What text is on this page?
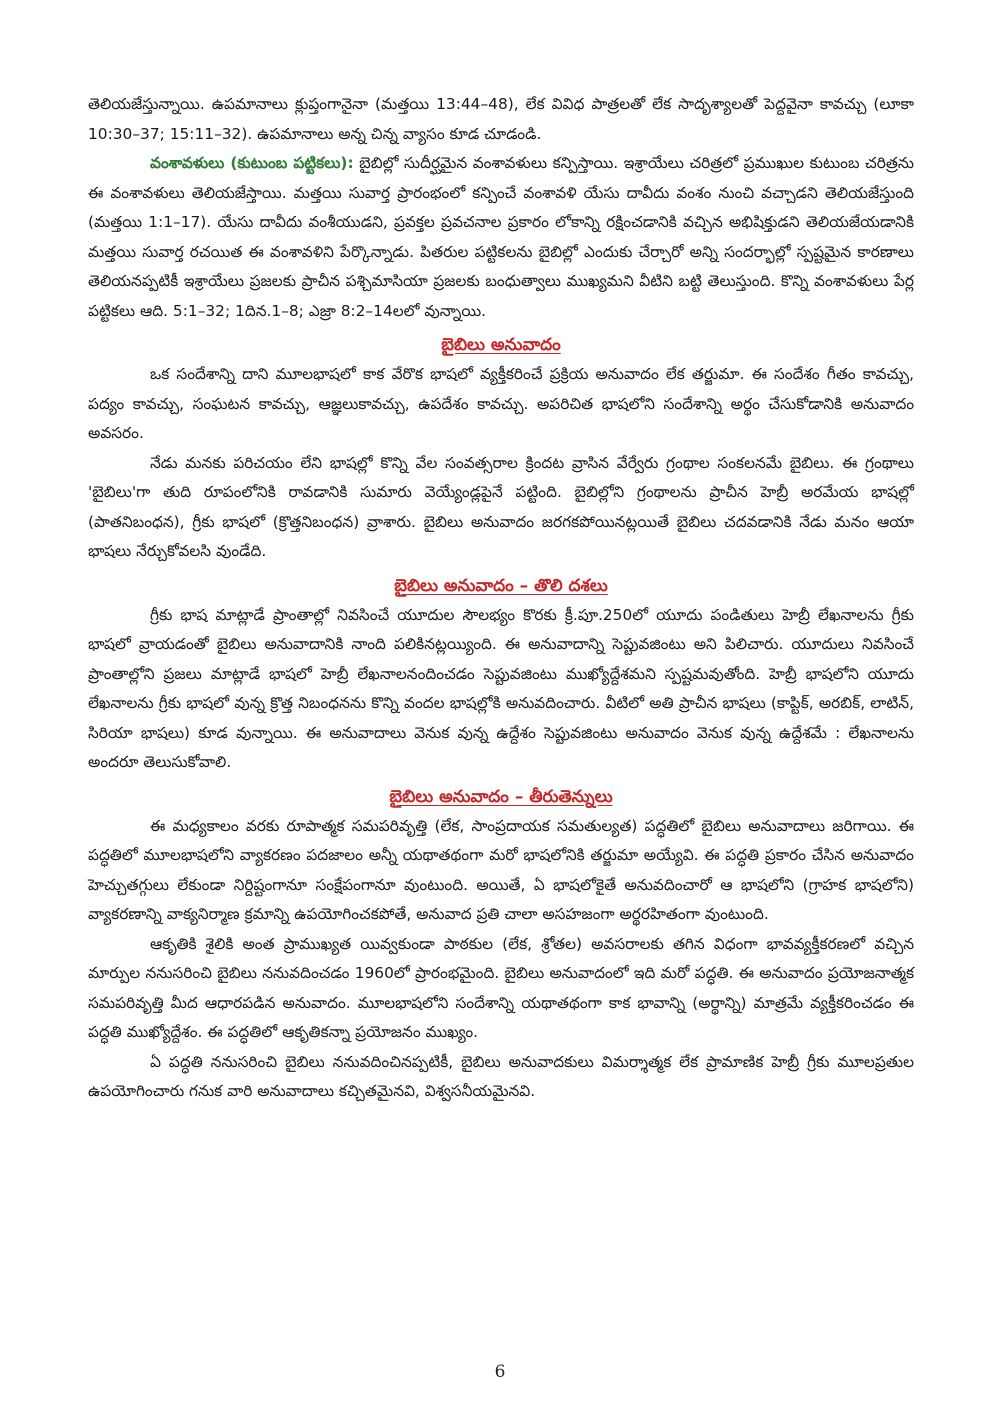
తెలియజేస్తున్నాయి. ఉపమానాలు క్లుప్తంగానైనా (మత్తయి 13:44–48), లేక వివిధ పాత్రలతో లేక సాదృశ్యాలతో పెద్దవైనా కావచ్చు (లూకా 10:30–37; 15:11–32). ఉపమానాలు అన్న చిన్న వ్యాసం కూడ చూడండి.

వంశావళులు (కుటుంబ పట్టికలు): బైబిల్లో సుదీర్ఘమైన వంశావళులు కన్పిస్తాయి. ఇశ్రాయేలు చరిత్రలో ప్రముఖుల కుటుంబ చరిత్రను ఈ వంశావళులు తెలియజేస్తాయి. మత్తయి సువార్త ప్రారంభంలో కన్పించే వంశావళి యేసు దావీదు వంశం నుంచి వచ్చాడని తెలియజేస్తుంది (మత్తయి 1:1–17). యేసు దావీదు వంశీయుడని, ప్రవక్తల ప్రవచనాల ప్రకారం లోకాన్ని రక్షించడానికి వచ్చిన అభిషిక్తుడని తెలియజేయడానికి మత్తయి సువార్త రచయిత ఈ వంశావళిని పేర్కొన్నాడు. పితరుల పట్టికలను బైబిల్లో ఎందుకు చేర్చారో అన్ని సందర్భాల్లో స్పష్టమైన కారణాలు తెలియనప్పటికీ ఇశ్రాయేలు ప్రజలకు ప్రాచీన పశ్చిమాసియా ప్రజలకు బంధుత్వాలు ముఖ్యమని వీటిని బట్టి తెలుస్తుంది. కొన్ని వంశావళులు పేర్ల పట్టికలు ఆది. 5:1–32; 1దిన.1–8; ఎజ్రా 8:2–14లలో వున్నాయి.

బైబిలు అనువాదం

ఒక సందేశాన్ని దాని మూలభాషలో కాక వేరొక భాషలో వ్యక్తీకరించే ప్రక్రియ అనువాదం లేక తర్జుమా. ఈ సందేశం గీతం కావచ్చు, పద్యం కావచ్చు, సంఘటన కావచ్చు, ఆజ్ఞలుకావచ్చు, ఉపదేశం కావచ్చు. అపరిచిత భాషలోని సందేశాన్ని అర్థం చేసుకోడానికి అనువాదం అవసరం.

నేడు మనకు పరిచయం లేని భాషల్లో కొన్ని వేల సంవత్సరాల క్రిందట వ్రాసిన వేర్వేరు గ్రంథాల సంకలనమే బైబిలు. ఈ గ్రంథాలు 'బైబిలు'గా తుది రూపంలోనికి రావడానికి సుమారు వెయ్యేండ్లపైనే పట్టింది. బైబిల్లోని గ్రంథాలను ప్రాచీన హెబ్రీ అరమేయ భాషల్లో (పాతనిబంధన), గ్రీకు భాషలో (క్రొత్తనిబంధన) వ్రాశారు. బైబిలు అనువాదం జరగకపోయినట్లయితే బైబిలు చదవడానికి నేడు మనం ఆయా భాషలు నేర్చుకోవలసి వుండేది.

బైబిలు అనువాదం – తొలి దశలు

గ్రీకు భాష మాట్లాడే ప్రాంతాల్లో నివసించే యూదుల సౌలభ్యం కొరకు క్రీ.పూ.250లో యూదు పండితులు హెబ్రీ లేఖనాలను గ్రీకు భాషలో వ్రాయడంతో బైబిలు అనువాదానికి నాంది పలికినట్లయ్యింది. ఈ అనువాదాన్ని సెప్టువజింటు అని పిలిచారు. యూదులు నివసించే ప్రాంతాల్లోని ప్రజలు మాట్లాడే భాషలో హెబ్రీ లేఖనాలనందించడం సెప్టువజింటు ముఖ్యోద్దేశమని స్పష్టమవుతోంది. హెబ్రీ భాషలోని యూదు లేఖనాలను గ్రీకు భాషలో వున్న క్రొత్త నిబంధనను కొన్ని వందల భాషల్లోకి అనువదించారు. వీటిలో అతి ప్రాచీన భాషలు (కాప్టిక్, అరబిక్, లాటిన్, సిరియా భాషలు) కూడ వున్నాయి. ఈ అనువాదాలు వెనుక వున్న ఉద్దేశం సెప్టువజింటు అనువాదం వెనుక వున్న ఉద్దేశమే : లేఖనాలను అందరూ తెలుసుకోవాలి.

బైబిలు అనువాదం – తీరుతెన్నులు

ఈ మధ్యకాలం వరకు రూపాత్మక సమపరివృత్తి (లేక, సాంప్రదాయక సమతుల్యత) పద్ధతిలో బైబిలు అనువాదాలు జరిగాయి. ఈ పద్ధతిలో మూలభాషలోని వ్యాకరణం పదజాలం అన్నీ యథాతథంగా మరో భాషలోనికి తర్జుమా అయ్యేవి. ఈ పద్ధతి ప్రకారం చేసిన అనువాదం హెచ్చుతగ్గులు లేకుండా నిర్దిష్టంగానూ సంక్షేపంగానూ వుంటుంది. అయితే, ఏ భాషలోకైతే అనువదించారో ఆ భాషలోని (గ్రాహక భాషలోని) వ్యాకరణాన్ని వాక్యనిర్మాణ క్రమాన్ని ఉపయోగించకపోతే, అనువాద ప్రతి చాలా అసహజంగా అర్థరహితంగా వుంటుంది.

ఆకృతికి శైలికి అంత ప్రాముఖ్యత యివ్వకుండా పాఠకుల (లేక, శ్రోతల) అవసరాలకు తగిన విధంగా భావవ్యక్తీకరణలో వచ్చిన మార్పుల ననుసరించి బైబిలు ననువదించడం 1960లో ప్రారంభమైంది. బైబిలు అనువాదంలో ఇది మరో పద్ధతి. ఈ అనువాదం ప్రయోజనాత్మక సమపరివృత్తి మీద ఆధారపడిన అనువాదం. మూలభాషలోని సందేశాన్ని యథాతథంగా కాక భావాన్ని (అర్థాన్ని) మాత్రమే వ్యక్తీకరించడం ఈ పద్ధతి ముఖ్యోద్దేశం. ఈ పద్ధతిలో ఆకృతికన్నా ప్రయోజనం ముఖ్యం.

ఏ పద్ధతి ననుసరించి బైబిలు ననువదించినప్పటికీ, బైబిలు అనువాదకులు విమర్శాత్మక లేక ప్రామాణిక హెబ్రీ గ్రీకు మూలప్రతుల ఉపయోగించారు గనుక వారి అనువాదాలు కచ్చితమైనవి, విశ్వసనీయమైనవి.

6
